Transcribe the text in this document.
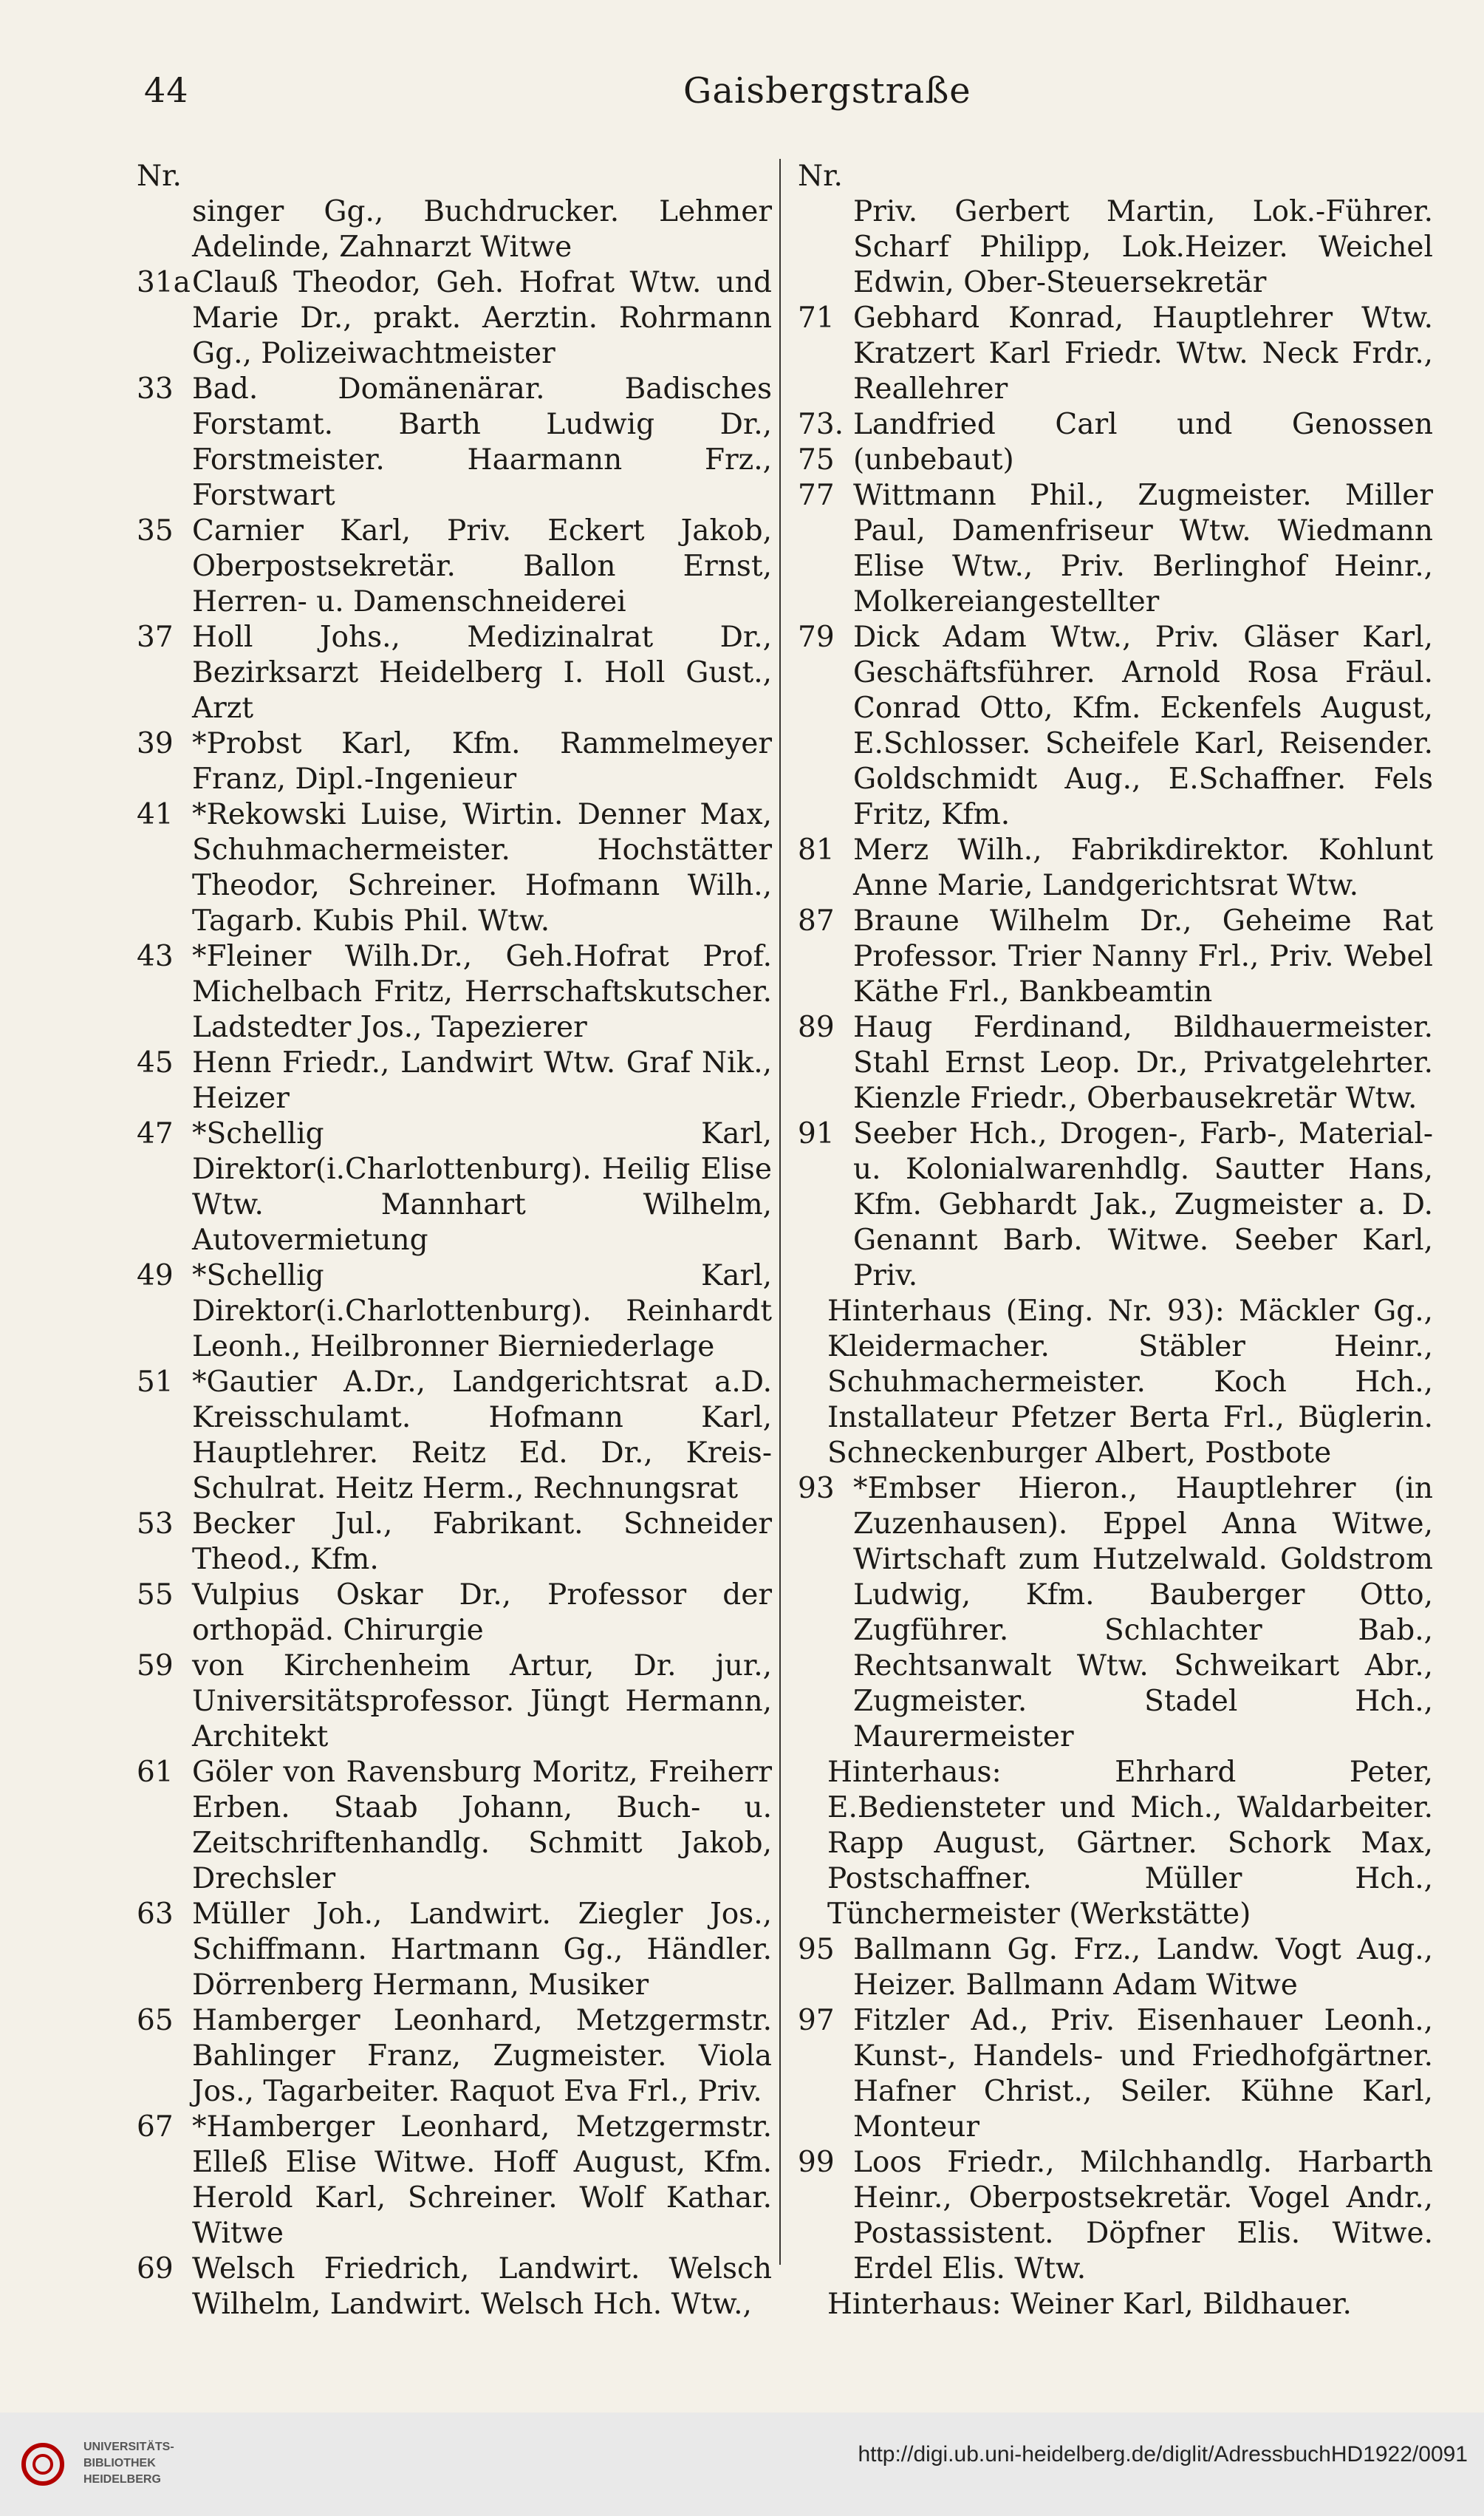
44	Gaisbergstraße
Nr.

singer Gg., Buchdrucker. Lehmer Adelinde, Zahnarzt Witwe

31a Clauß Theodor, Geh. Hofrat Wtw. und Marie Dr., prakt. Aerztin. Rohrmann Gg., Polizeiwachtmeister

33 Bad. Domänenärar. Badisches Forstamt. Barth Ludwig Dr., Forstmeister. Haarmann Frz., Forstwart

35 Carnier Karl, Priv. Eckert Jakob, Oberpostsekretär. Ballon Ernst, Herren- u. Damenschneiderei

37 Holl Johs., Medizinalrat Dr., Bezirksarzt Heidelberg I. Holl Gust., Arzt

39 *Probst Karl, Kfm. Rammelmeyer Franz, Dipl.-Ingenieur

41 *Rekowski Luise, Wirtin. Denner Max, Schuhmachermeister. Hochstätter Theodor, Schreiner. Hofmann Wilh., Tagarb. Kubis Phil. Wtw.

43 *Fleiner Wilh.Dr., Geh.Hofrat Prof. Michelbach Fritz, Herrschaftskutscher. Ladstedter Jos., Tapezierer

45 Henn Friedr., Landwirt Wtw. Graf Nik., Heizer

47 *Schellig Karl, Direktor(i.Charlottenburg). Heilig Elise Wtw. Mannhart Wilhelm, Autovermietung

49 *Schellig Karl, Direktor(i.Charlottenburg). Reinhardt Leonh., Heilbronner Bierniederlage

51 *Gautier A.Dr., Landgerichtsrat a.D. Kreisschulamt. Hofmann Karl, Hauptlehrer. Reitz Ed. Dr., Kreis-Schulrat. Heitz Herm., Rechnungsrat

53 Becker Jul., Fabrikant. Schneider Theod., Kfm.

55 Vulpius Oskar Dr., Professor der orthopäd. Chirurgie

59 von Kirchenheim Artur, Dr. jur., Universitätsprofessor. Jüngt Hermann, Architekt

61 Göler von Ravensburg Moritz, Freiherr Erben. Staab Johann, Buch- u. Zeitschriftenhandlg. Schmitt Jakob, Drechsler

63 Müller Joh., Landwirt. Ziegler Jos., Schiffmann. Hartmann Gg., Händler. Dörrenberg Hermann, Musiker

65 Hamberger Leonhard, Metzgermstr. Bahlinger Franz, Zugmeister. Viola Jos., Tagarbeiter. Raquot Eva Frl., Priv.

67 *Hamberger Leonhard, Metzgermstr. Elleß Elise Witwe. Hoff August, Kfm. Herold Karl, Schreiner. Wolf Kathar. Witwe

69 Welsch Friedrich, Landwirt. Welsch Wilhelm, Landwirt. Welsch Hch. Wtw.,

Nr.

Priv. Gerbert Martin, Lok.-Führer. Scharf Philipp, Lok.Heizer. Weichel Edwin, Ober-Steuersekretär

71 Gebhard Konrad, Hauptlehrer Wtw. Kratzert Karl Friedr. Wtw. Neck Frdr., Reallehrer

73. 75
Landfried Carl und Genossen (unbebaut)

77 Wittmann Phil., Zugmeister. Miller Paul, Damenfriseur Wtw. Wiedmann Elise Wtw., Priv. Berlinghof Heinr., Molkereiangestellter

79 Dick Adam Wtw., Priv. Gläser Karl, Geschäftsführer. Arnold Rosa Fräul. Conrad Otto, Kfm. Eckenfels August, E.Schlosser. Scheifele Karl, Reisender. Goldschmidt Aug., E.Schaffner. Fels Fritz, Kfm.

81 Merz Wilh., Fabrikdirektor. Kohlunt Anne Marie, Landgerichtsrat Wtw.

87 Braune Wilhelm Dr., Geheime Rat Professor. Trier Nanny Frl., Priv. Webel Käthe Frl., Bankbeamtin

89 Haug Ferdinand, Bildhauermeister. Stahl Ernst Leop. Dr., Privatgelehrter. Kienzle Friedr., Oberbausekretär Wtw.

91 Seeber Hch., Drogen-, Farb-, Material- u. Kolonialwarenhdlg. Sautter Hans, Kfm. Gebhardt Jak., Zugmeister a. D. Genannt Barb. Witwe. Seeber Karl, Priv.

Hinterhaus (Eing. Nr. 93): Mäckler Gg., Kleidermacher. Stäbler Heinr., Schuhmachermeister. Koch Hch., Installateur Pfetzer Berta Frl., Büglerin. Schneckenburger Albert, Postbote

93 *Embser Hieron., Hauptlehrer (in Zuzenhausen). Eppel Anna Witwe, Wirtschaft zum Hutzelwald. Goldstrom Ludwig, Kfm. Bauberger Otto, Zugführer. Schlachter Bab., Rechtsanwalt Wtw. Schweikart Abr., Zugmeister. Stadel Hch., Maurermeister

Hinterhaus: Ehrhard Peter, E.Bediensteter und Mich., Waldarbeiter. Rapp August, Gärtner. Schork Max, Postschaffner. Müller Hch., Tünchermeister (Werkstätte)

95 Ballmann Gg. Frz., Landw. Vogt Aug., Heizer. Ballmann Adam Witwe

97 Fitzler Ad., Priv. Eisenhauer Leonh., Kunst-, Handels- und Friedhofgärtner. Hafner Christ., Seiler. Kühne Karl, Monteur

99 Loos Friedr., Milchhandlg. Harbarth Heinr., Oberpostsekretär. Vogel Andr., Postassistent. Döpfner Elis. Witwe. Erdel Elis. Wtw.

Hinterhaus: Weiner Karl, Bildhauer.

UNIVERSITÄTS-
BIBLIOTHEK
HEIDELBERG
http://digi.ub.uni-heidelberg.de/diglit/AdressbuchHD1922/0091
